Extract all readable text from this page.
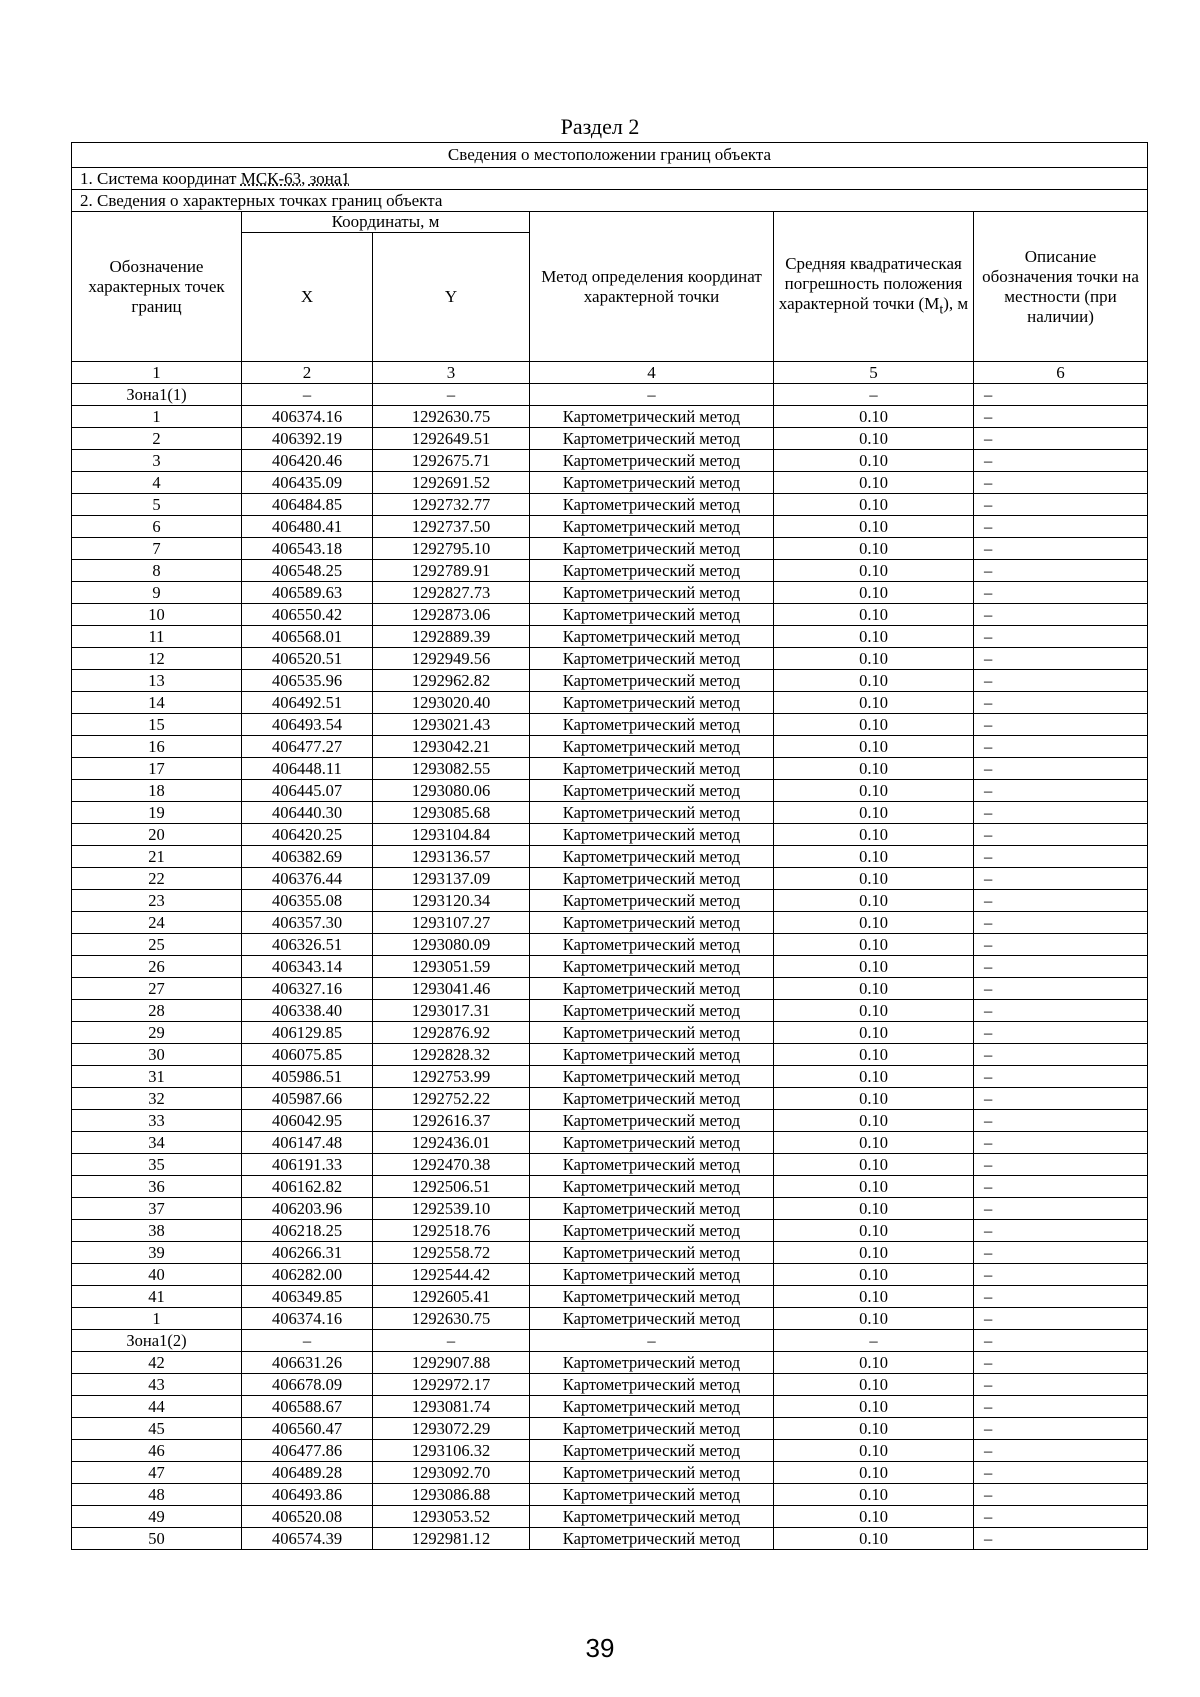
Раздел 2
Сведения о местоположении границ объекта					
1. Система координат МСК-63, зона1					
2. Сведения о характерных точках границ объекта					
Обозначение характерных точек границ	Координаты, м		Метод определения координат характерной точки	Средняя квадратическая погрешность положения характерной точки $(M_t)$, м	Описание обозначения точки на местности (при наличии)
	X	Y			
1	2	3	4	5	6
Зона1(1)	–	–	–	–	–
1	406374.16	1292630.75	Картометрический метод	0.10	–
2	406392.19	1292649.51	Картометрический метод	0.10	–
3	406420.46	1292675.71	Картометрический метод	0.10	–
4	406435.09	1292691.52	Картометрический метод	0.10	–
5	406484.85	1292732.77	Картометрический метод	0.10	–
6	406480.41	1292737.50	Картометрический метод	0.10	–
7	406543.18	1292795.10	Картометрический метод	0.10	–
8	406548.25	1292789.91	Картометрический метод	0.10	–
9	406589.63	1292827.73	Картометрический метод	0.10	–
10	406550.42	1292873.06	Картометрический метод	0.10	–
11	406568.01	1292889.39	Картометрический метод	0.10	–
12	406520.51	1292949.56	Картометрический метод	0.10	–
13	406535.96	1292962.82	Картометрический метод	0.10	–
14	406492.51	1293020.40	Картометрический метод	0.10	–
15	406493.54	1293021.43	Картометрический метод	0.10	–
16	406477.27	1293042.21	Картометрический метод	0.10	–
17	406448.11	1293082.55	Картометрический метод	0.10	–
18	406445.07	1293080.06	Картометрический метод	0.10	–
19	406440.30	1293085.68	Картометрический метод	0.10	–
20	406420.25	1293104.84	Картометрический метод	0.10	–
21	406382.69	1293136.57	Картометрический метод	0.10	–
22	406376.44	1293137.09	Картометрический метод	0.10	–
23	406355.08	1293120.34	Картометрический метод	0.10	–
24	406357.30	1293107.27	Картометрический метод	0.10	–
25	406326.51	1293080.09	Картометрический метод	0.10	–
26	406343.14	1293051.59	Картометрический метод	0.10	–
27	406327.16	1293041.46	Картометрический метод	0.10	–
28	406338.40	1293017.31	Картометрический метод	0.10	–
29	406129.85	1292876.92	Картометрический метод	0.10	–
30	406075.85	1292828.32	Картометрический метод	0.10	–
31	405986.51	1292753.99	Картометрический метод	0.10	–
32	405987.66	1292752.22	Картометрический метод	0.10	–
33	406042.95	1292616.37	Картометрический метод	0.10	–
34	406147.48	1292436.01	Картометрический метод	0.10	–
35	406191.33	1292470.38	Картометрический метод	0.10	–
36	406162.82	1292506.51	Картометрический метод	0.10	–
37	406203.96	1292539.10	Картометрический метод	0.10	–
38	406218.25	1292518.76	Картометрический метод	0.10	–
39	406266.31	1292558.72	Картометрический метод	0.10	–
40	406282.00	1292544.42	Картометрический метод	0.10	–
41	406349.85	1292605.41	Картометрический метод	0.10	–
1	406374.16	1292630.75	Картометрический метод	0.10	–
Зона1(2)	–	–	–	–	–
42	406631.26	1292907.88	Картометрический метод	0.10	–
43	406678.09	1292972.17	Картометрический метод	0.10	–
44	406588.67	1293081.74	Картометрический метод	0.10	–
45	406560.47	1293072.29	Картометрический метод	0.10	–
46	406477.86	1293106.32	Картометрический метод	0.10	–
47	406489.28	1293092.70	Картометрический метод	0.10	–
48	406493.86	1293086.88	Картометрический метод	0.10	–
49	406520.08	1293053.52	Картометрический метод	0.10	–
50	406574.39	1292981.12	Картометрический метод	0.10	–
39
